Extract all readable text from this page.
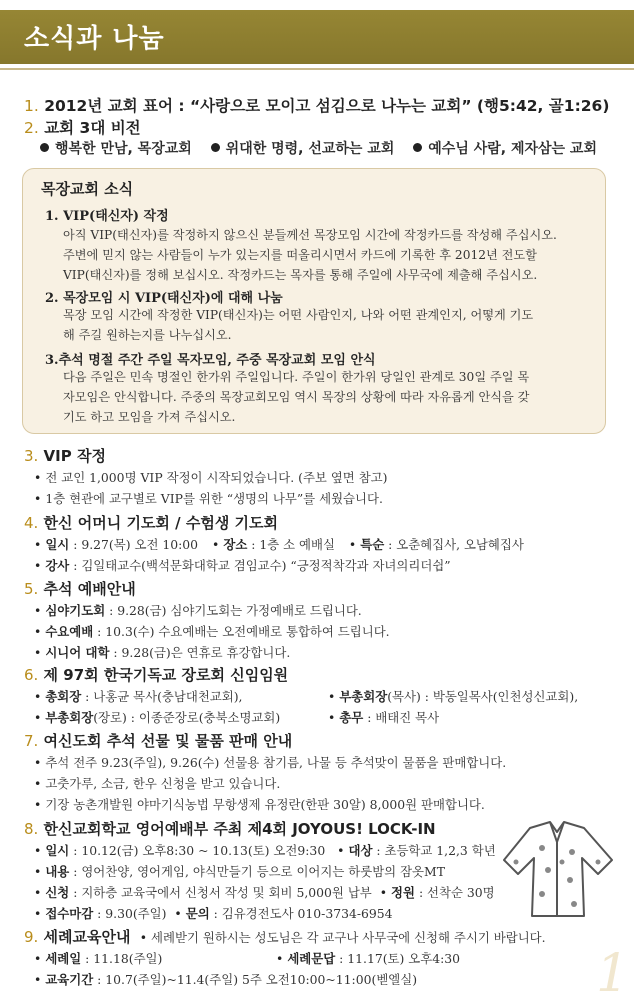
소식과 나눔
1. 2012년 교회 표어 : “사랑으로 모이고 섬김으로 나누는 교회” (행5:42, 골1:26)
2. 교회 3대 비전
행복한 만남, 목장교회 위대한 명령, 선교하는 교회 예수님 사람, 제자삼는 교회
목장교회 소식
1. VIP(태신자) 작정
아직 VIP(태신자)를 작정하지 않으신 분들께선 목장모임 시간에 작정카드를 작성해 주십시오.
주변에 믿지 않는 사람들이 누가 있는지를 떠올리시면서 카드에 기록한 후 2012년 전도할
VIP(태신자)를 정해 보십시오. 작정카드는 목자를 통해 주일에 사무국에 제출해 주십시오.
2. 목장모임 시 VIP(태신자)에 대해 나눔
목장 모임 시간에 작정한 VIP(태신자)는 어떤 사람인지, 나와 어떤 관계인지, 어떻게 기도
해 주길 원하는지를 나누십시오.
3.추석 명절 주간 주일 목자모임, 주중 목장교회 모임 안식
다음 주일은 민속 명절인 한가위 주일입니다. 주일이 한가위 당일인 관계로 30일 주일 목
자모임은 안식합니다. 주중의 목장교회모임 역시 목장의 상황에 따라 자유롭게 안식을 갖
기도 하고 모임을 가져 주십시오.
3. VIP 작정
• 전 교인 1,000명 VIP 작정이 시작되었습니다. (주보 옆면 참고)
• 1층 현관에 교구별로 VIP를 위한 “생명의 나무”를 세웠습니다.
4. 한신 어머니 기도회 / 수험생 기도회
• 일시 : 9.27(목) 오전 10:00 • 장소 : 1층 소 예배실 • 특순 : 오춘혜집사, 오남혜집사
• 강사 : 김일태교수(백석문화대학교 겸임교수) “긍정적착각과 자녀의리더쉽”
5. 추석 예배안내
• 심야기도회 : 9.28(금) 심야기도회는 가정예배로 드립니다.
• 수요예배 : 10.3(수) 수요예배는 오전예배로 통합하여 드립니다.
• 시니어 대학 : 9.28(금)은 연휴로 휴강합니다.
6. 제 97회 한국기독교 장로회 신임임원
• 총회장 : 나홍균 목사(충남대천교회),	• 부총회장(목사) : 박동일목사(인천성신교회),
• 부총회장(장로) : 이종준장로(충북소명교회)	• 총무 : 배태진 목사
7. 여신도회 추석 선물 및 물품 판매 안내
• 추석 전주 9.23(주일), 9.26(수) 선물용 참기름, 나물 등 추석맞이 물품을 판매합니다.
• 고춧가루, 소금, 한우 신청을 받고 있습니다.
• 기장 농촌개발원 야마기식농법 무항생제 유정란(한판 30알) 8,000원 판매합니다.
8. 한신교회학교 영어예배부 주최 제4회 JOYOUS! LOCK-IN
• 일시 : 10.12(금) 오후8:30 ~ 10.13(토) 오전9:30 • 대상 : 초등학교 1,2,3 학년
• 내용 : 영어찬양, 영어게임, 야식만들기 등으로 이어지는 하룻밤의 잠옷MT
• 신청 : 지하층 교육국에서 신청서 작성 및 회비 5,000원 납부 • 정원 : 선착순 30명
• 접수마감 : 9.30(주일) • 문의 : 김유경전도사 010-3734-6954
9. 세례교육안내 • 세례받기 원하시는 성도님은 각 교구나 사무국에 신청해 주시기 바랍니다.
• 세례일 : 11.18(주일)	• 세례문답 : 11.17(토) 오후4:30
• 교육기간 : 10.7(주일)~11.4(주일) 5주 오전10:00~11:00(벧엘실)	1
